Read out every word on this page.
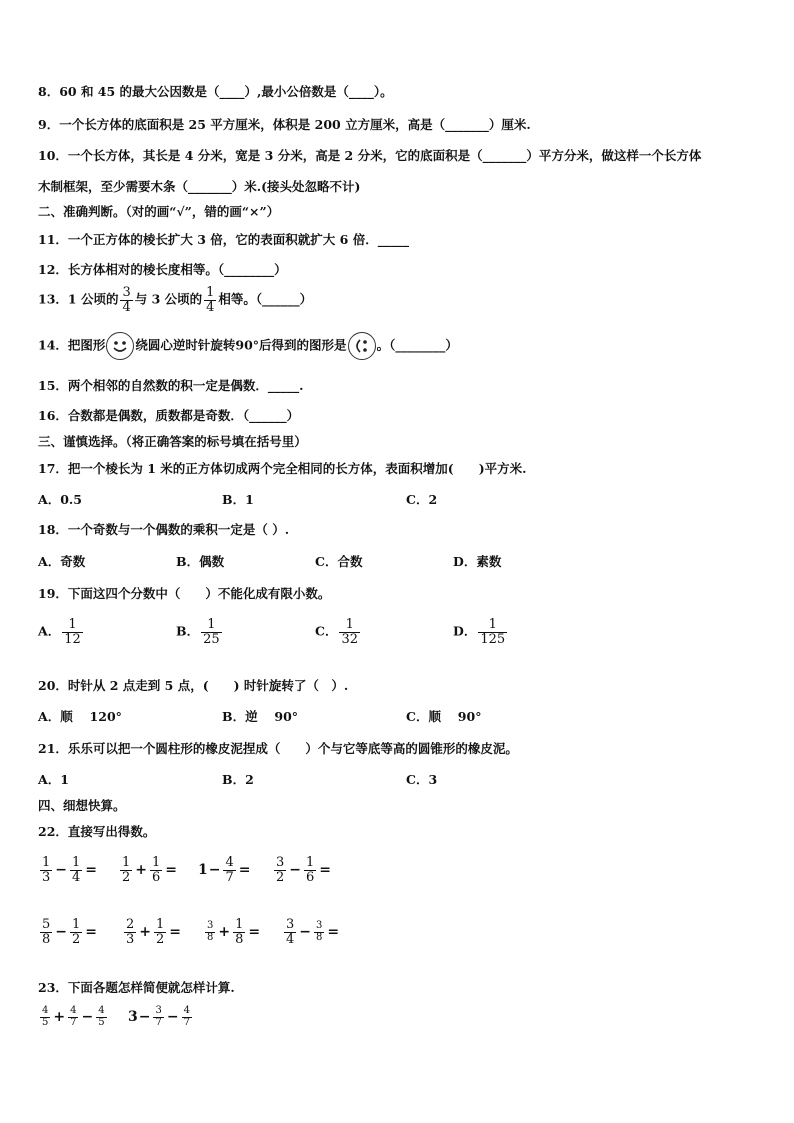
8．60 和 45 的最大公因数是（____）,最小公倍数是（____）。
9．一个长方体的底面积是 25 平方厘米，体积是 200 立方厘米，高是（_______）厘米.
10．一个长方体，其长是 4 分米，宽是 3 分米，高是 2 分米，它的底面积是（_______）平方分米，做这样一个长方体
木制框架，至少需要木条（_______）米.(接头处忽略不计)
二、准确判断。（对的画“√”，错的画“×”）
11．一个正方体的棱长扩大 3 倍，它的表面积就扩大 6 倍．_____
12．长方体相对的棱长度相等。（________）
13．1 公顷的 $\frac{3}{4}$ 与 3 公顷的 $\frac{1}{4}$ 相等。（______）
14．把图形 绕圆心逆时针旋转90°后得到的图形是 。（________）
15．两个相邻的自然数的积一定是偶数．_____.
16．合数都是偶数，质数都是奇数．（______）
三、谨慎选择。（将正确答案的标号填在括号里）
17．把一个棱长为 1 米的正方体切成两个完全相同的长方体，表面积增加(　　)平方米.
A．0.5	B．1	C．2
18．一个奇数与一个偶数的乘积一定是（ ）.
A．奇数	B．偶数	C．合数	D．素数
19．下面这四个分数中（　　）不能化成有限小数。
A． $\frac{1}{12}$	B． $\frac{1}{25}$	C． $\frac{1}{32}$	D． $\frac{1}{125}$
20．时针从 2 点走到 5 点，(　　) 时针旋转了（　）.
A．顺　 120°	B．逆　 90°	C．顺　 90°
21．乐乐可以把一个圆柱形的橡皮泥捏成（　　）个与它等底等高的圆锥形的橡皮泥。
A．1	B．2	C．3
四、细想快算。
22．直接写出得数。
$\frac{1}{3} - \frac{1}{4} = \frac{1}{2} + \frac{1}{6} = 1- \frac{4}{7} = \frac{3}{2} - \frac{1}{6}$ =
$\frac{5}{8} - \frac{1}{2} = \frac{2}{3} + \frac{1}{2} = \frac{3}{8} + \frac{1}{8} = \frac{3}{4} - \frac{3}{8}$ =
23．下面各题怎样简便就怎样计算.
$\frac{4}{5} + \frac{4}{7} - \frac{4}{5} 3- \frac{3}{7} - \frac{4}{7}$
